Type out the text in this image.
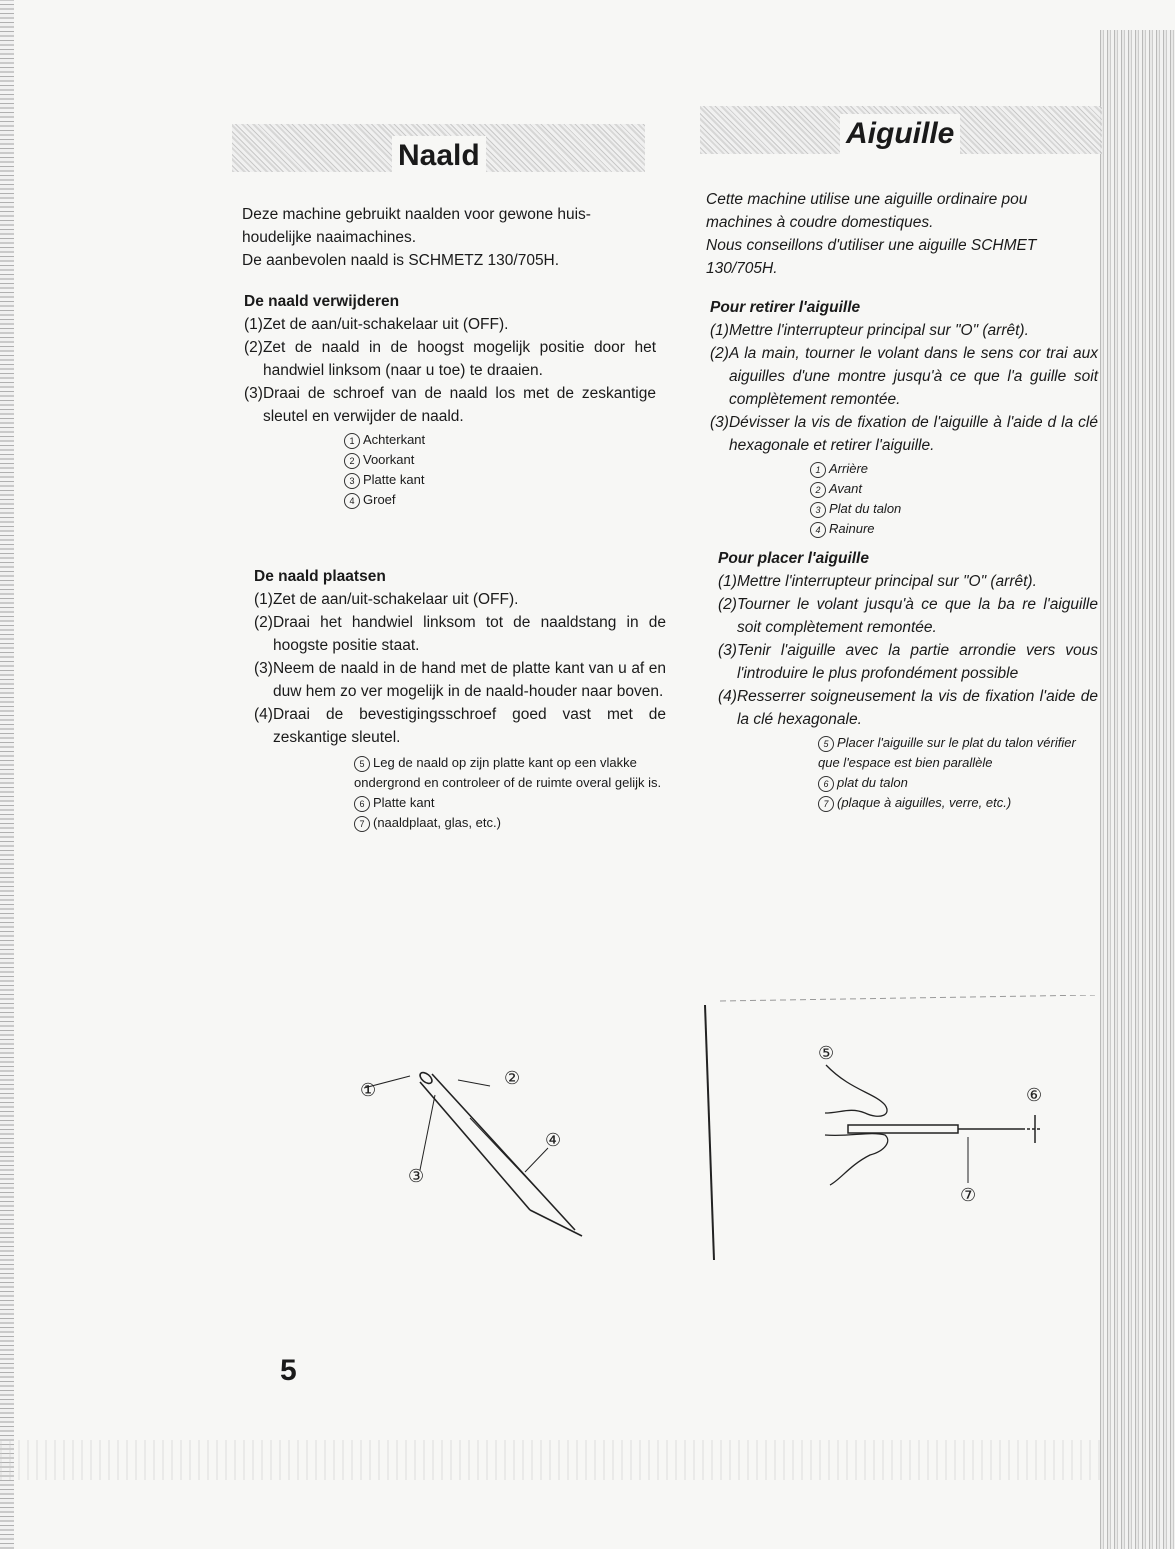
Naald
Aiguille

Deze machine gebruikt naalden voor gewone huis-

houdelijke naaimachines.

De aanbevolen naald is SCHMETZ 130/705H.

De naald verwijderen
(1) Zet de aan/uit-schakelaar uit (OFF).
(2) Zet de naald in de hoogst mogelijk positie door het handwiel linksom (naar u toe) te draaien.
(3) Draai de schroef van de naald los met de zeskantige sleutel en verwijder de naald.
1 Achterkant
2 Voorkant
3 Platte kant
4 Groef
De naald plaatsen
(1) Zet de aan/uit-schakelaar uit (OFF).
(2) Draai het handwiel linksom tot de naaldstang in de hoogste positie staat.
(3) Neem de naald in de hand met de platte kant van u af en duw hem zo ver mogelijk in de naald-houder naar boven.
(4) Draai de bevestigingsschroef goed vast met de zeskantige sleutel.
5 Leg de naald op zijn platte kant op een vlakke ondergrond en controleer of de ruimte overal gelijk is.
6 Platte kant
7 (naaldplaat, glas, etc.)

Cette machine utilise une aiguille ordinaire pou

machines à coudre domestiques.

Nous conseillons d'utiliser une aiguille SCHMET

130/705H.

Pour retirer l'aiguille
(1) Mettre l'interrupteur principal sur "O" (arrêt).
(2) A la main, tourner le volant dans le sens cor trai aux aiguilles d'une montre jusqu'à ce que l'a guille soit complètement remontée.
(3) Dévisser la vis de fixation de l'aiguille à l'aide d la clé hexagonale et retirer l'aiguille.
1 Arrière
2 Avant
3 Plat du talon
4 Rainure
Pour placer l'aiguille
(1) Mettre l'interrupteur principal sur "O" (arrêt).
(2) Tourner le volant jusqu'à ce que la ba re l'aiguille soit complètement remontée.
(3) Tenir l'aiguille avec la partie arrondie vers vous l'introduire le plus profondément possible
(4) Resserrer soigneusement la vis de fixation l'aide de la clé hexagonale.
5 Placer l'aiguille sur le plat du talon vérifier que l'espace est bien parallèle
6 plat du talon
7 (plaque à aiguilles, verre, etc.)
①
②
③
④
⑤
⑥
⑦
5
